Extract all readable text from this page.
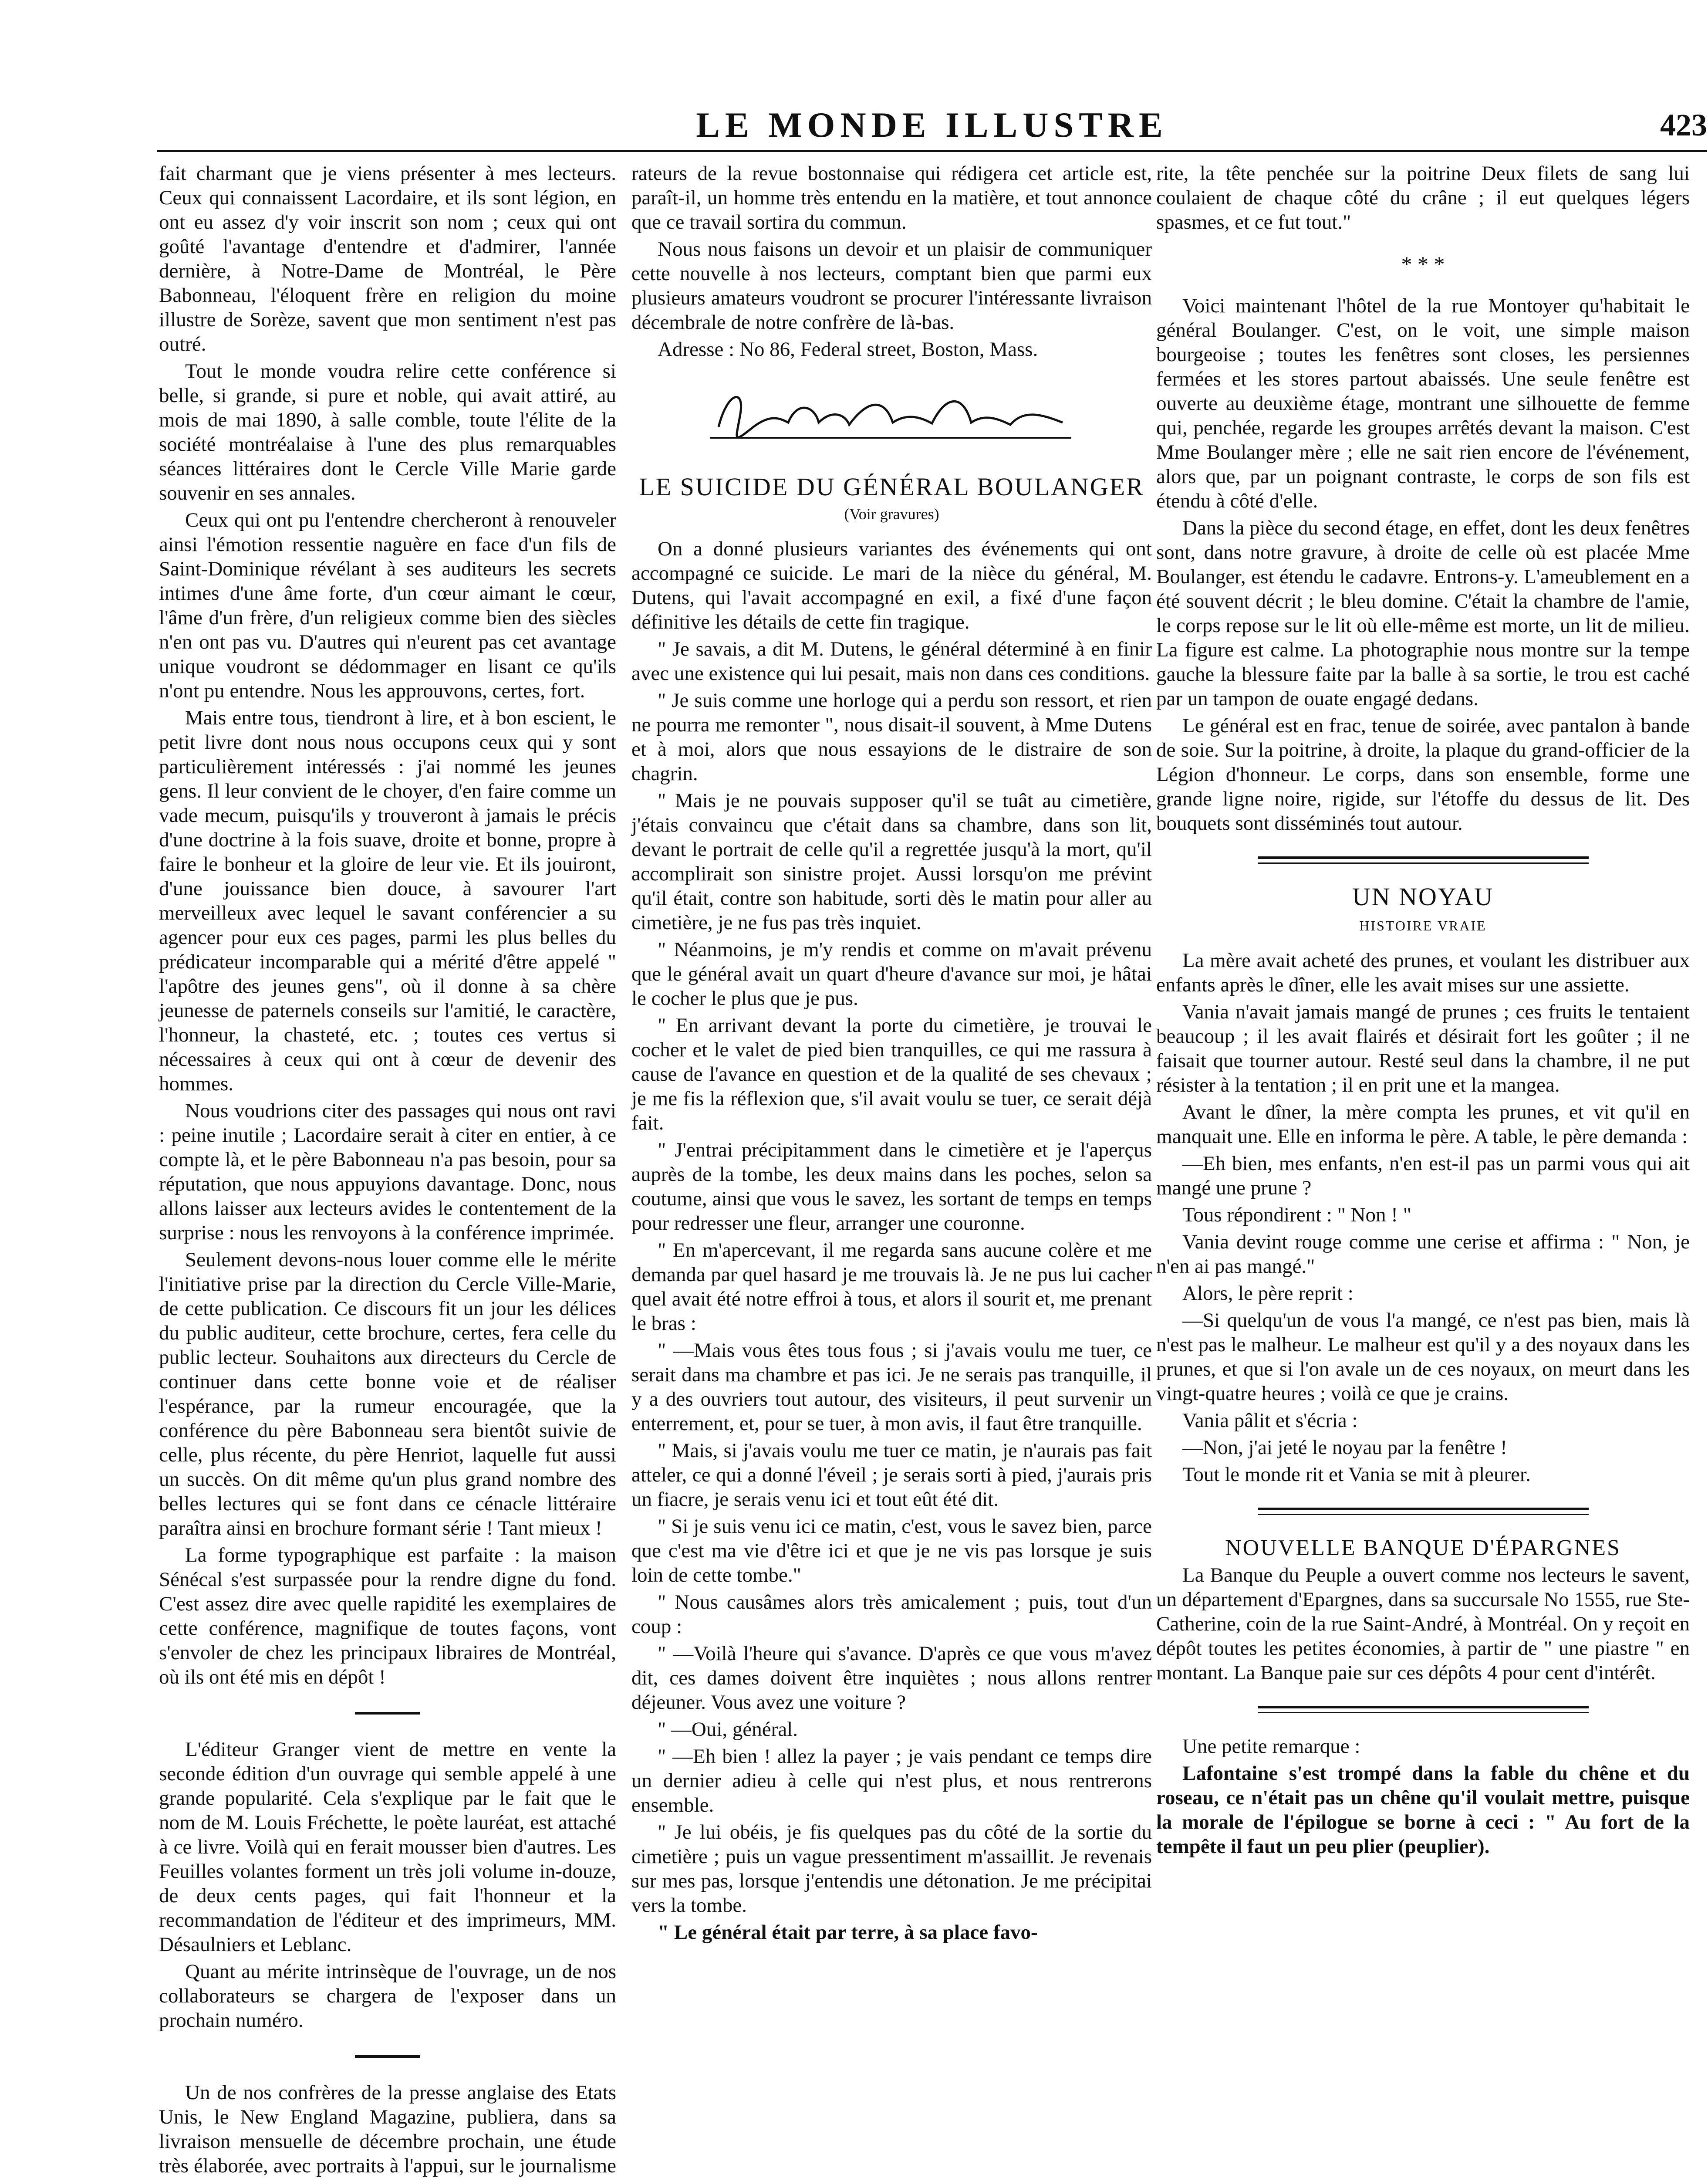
LE MONDE ILLUSTRE	423

fait charmant que je viens présenter à mes lecteurs. Ceux qui connaissent Lacordaire, et ils sont légion, en ont eu assez d'y voir inscrit son nom ; ceux qui ont goûté l'avantage d'entendre et d'admirer, l'année dernière, à Notre-Dame de Montréal, le Père Babonneau, l'éloquent frère en religion du moine illustre de Sorèze, savent que mon sentiment n'est pas outré.

Tout le monde voudra relire cette conférence si belle, si grande, si pure et noble, qui avait attiré, au mois de mai 1890, à salle comble, toute l'élite de la société montréalaise à l'une des plus remarquables séances littéraires dont le Cercle Ville Marie garde souvenir en ses annales.

Ceux qui ont pu l'entendre chercheront à renouveler ainsi l'émotion ressentie naguère en face d'un fils de Saint-Dominique révélant à ses auditeurs les secrets intimes d'une âme forte, d'un cœur aimant le cœur, l'âme d'un frère, d'un religieux comme bien des siècles n'en ont pas vu. D'autres qui n'eurent pas cet avantage unique voudront se dédommager en lisant ce qu'ils n'ont pu entendre. Nous les approuvons, certes, fort.

Mais entre tous, tiendront à lire, et à bon escient, le petit livre dont nous nous occupons ceux qui y sont particulièrement intéressés : j'ai nommé les jeunes gens. Il leur convient de le choyer, d'en faire comme un vade mecum, puisqu'ils y trouveront à jamais le précis d'une doctrine à la fois suave, droite et bonne, propre à faire le bonheur et la gloire de leur vie. Et ils jouiront, d'une jouissance bien douce, à savourer l'art merveilleux avec lequel le savant conférencier a su agencer pour eux ces pages, parmi les plus belles du prédicateur incomparable qui a mérité d'être appelé " l'apôtre des jeunes gens", où il donne à sa chère jeunesse de paternels conseils sur l'amitié, le caractère, l'honneur, la chasteté, etc. ; toutes ces vertus si nécessaires à ceux qui ont à cœur de devenir des hommes.

Nous voudrions citer des passages qui nous ont ravi : peine inutile ; Lacordaire serait à citer en entier, à ce compte là, et le père Babonneau n'a pas besoin, pour sa réputation, que nous appuyions davantage. Donc, nous allons laisser aux lecteurs avides le contentement de la surprise : nous les renvoyons à la conférence imprimée.

Seulement devons-nous louer comme elle le mérite l'initiative prise par la direction du Cercle Ville-Marie, de cette publication. Ce discours fit un jour les délices du public auditeur, cette brochure, certes, fera celle du public lecteur. Souhaitons aux directeurs du Cercle de continuer dans cette bonne voie et de réaliser l'espérance, par la rumeur encouragée, que la conférence du père Babonneau sera bientôt suivie de celle, plus récente, du père Henriot, laquelle fut aussi un succès. On dit même qu'un plus grand nombre des belles lectures qui se font dans ce cénacle littéraire paraîtra ainsi en brochure formant série ! Tant mieux !

La forme typographique est parfaite : la maison Sénécal s'est surpassée pour la rendre digne du fond. C'est assez dire avec quelle rapidité les exemplaires de cette conférence, magnifique de toutes façons, vont s'envoler de chez les principaux libraires de Montréal, où ils ont été mis en dépôt !

L'éditeur Granger vient de mettre en vente la seconde édition d'un ouvrage qui semble appelé à une grande popularité. Cela s'explique par le fait que le nom de M. Louis Fréchette, le poète lauréat, est attaché à ce livre. Voilà qui en ferait mousser bien d'autres. Les Feuilles volantes forment un très joli volume in-douze, de deux cents pages, qui fait l'honneur et la recommandation de l'éditeur et des imprimeurs, MM. Désaulniers et Leblanc.

Quant au mérite intrinsèque de l'ouvrage, un de nos collaborateurs se chargera de l'exposer dans un prochain numéro.

Un de nos confrères de la presse anglaise des Etats Unis, le New England Magazine, publiera, dans sa livraison mensuelle de décembre prochain, une étude très élaborée, avec portraits à l'appui, sur le journalisme

rateurs de la revue bostonnaise qui rédigera cet article est, paraît-il, un homme très entendu en la matière, et tout annonce que ce travail sortira du commun.

Nous nous faisons un devoir et un plaisir de communiquer cette nouvelle à nos lecteurs, comptant bien que parmi eux plusieurs amateurs voudront se procurer l'intéressante livraison décembrale de notre confrère de là-bas.

Adresse : No 86, Federal street, Boston, Mass.

LE SUICIDE DU GÉNÉRAL BOULANGER
(Voir gravures)

On a donné plusieurs variantes des événements qui ont accompagné ce suicide. Le mari de la nièce du général, M. Dutens, qui l'avait accompagné en exil, a fixé d'une façon définitive les détails de cette fin tragique.

" Je savais, a dit M. Dutens, le général déterminé à en finir avec une existence qui lui pesait, mais non dans ces conditions.

" Je suis comme une horloge qui a perdu son ressort, et rien ne pourra me remonter ", nous disait-il souvent, à Mme Dutens et à moi, alors que nous essayions de le distraire de son chagrin.

" Mais je ne pouvais supposer qu'il se tuât au cimetière, j'étais convaincu que c'était dans sa chambre, dans son lit, devant le portrait de celle qu'il a regrettée jusqu'à la mort, qu'il accomplirait son sinistre projet. Aussi lorsqu'on me prévint qu'il était, contre son habitude, sorti dès le matin pour aller au cimetière, je ne fus pas très inquiet.

" Néanmoins, je m'y rendis et comme on m'avait prévenu que le général avait un quart d'heure d'avance sur moi, je hâtai le cocher le plus que je pus.

" En arrivant devant la porte du cimetière, je trouvai le cocher et le valet de pied bien tranquilles, ce qui me rassura à cause de l'avance en question et de la qualité de ses chevaux ; je me fis la réflexion que, s'il avait voulu se tuer, ce serait déjà fait.

" J'entrai précipitamment dans le cimetière et je l'aperçus auprès de la tombe, les deux mains dans les poches, selon sa coutume, ainsi que vous le savez, les sortant de temps en temps pour redresser une fleur, arranger une couronne.

" En m'apercevant, il me regarda sans aucune colère et me demanda par quel hasard je me trouvais là. Je ne pus lui cacher quel avait été notre effroi à tous, et alors il sourit et, me prenant le bras :

" —Mais vous êtes tous fous ; si j'avais voulu me tuer, ce serait dans ma chambre et pas ici. Je ne serais pas tranquille, il y a des ouvriers tout autour, des visiteurs, il peut survenir un enterrement, et, pour se tuer, à mon avis, il faut être tranquille.

" Mais, si j'avais voulu me tuer ce matin, je n'aurais pas fait atteler, ce qui a donné l'éveil ; je serais sorti à pied, j'aurais pris un fiacre, je serais venu ici et tout eût été dit.

" Si je suis venu ici ce matin, c'est, vous le savez bien, parce que c'est ma vie d'être ici et que je ne vis pas lorsque je suis loin de cette tombe."

" Nous causâmes alors très amicalement ; puis, tout d'un coup :

" —Voilà l'heure qui s'avance. D'après ce que vous m'avez dit, ces dames doivent être inquiètes ; nous allons rentrer déjeuner. Vous avez une voiture ?

" —Oui, général.

" —Eh bien ! allez la payer ; je vais pendant ce temps dire un dernier adieu à celle qui n'est plus, et nous rentrerons ensemble.

" Je lui obéis, je fis quelques pas du côté de la sortie du cimetière ; puis un vague pressentiment m'assaillit. Je revenais sur mes pas, lorsque j'entendis une détonation. Je me précipitai vers la tombe.

" Le général était par terre, à sa place favo-

rite, la tête penchée sur la poitrine Deux filets de sang lui coulaient de chaque côté du crâne ; il eut quelques légers spasmes, et ce fut tout."

* * *

Voici maintenant l'hôtel de la rue Montoyer qu'habitait le général Boulanger. C'est, on le voit, une simple maison bourgeoise ; toutes les fenêtres sont closes, les persiennes fermées et les stores partout abaissés. Une seule fenêtre est ouverte au deuxième étage, montrant une silhouette de femme qui, penchée, regarde les groupes arrêtés devant la maison. C'est Mme Boulanger mère ; elle ne sait rien encore de l'événement, alors que, par un poignant contraste, le corps de son fils est étendu à côté d'elle.

Dans la pièce du second étage, en effet, dont les deux fenêtres sont, dans notre gravure, à droite de celle où est placée Mme Boulanger, est étendu le cadavre. Entrons-y. L'ameublement en a été souvent décrit ; le bleu domine. C'était la chambre de l'amie, le corps repose sur le lit où elle-même est morte, un lit de milieu. La figure est calme. La photographie nous montre sur la tempe gauche la blessure faite par la balle à sa sortie, le trou est caché par un tampon de ouate engagé dedans.

Le général est en frac, tenue de soirée, avec pantalon à bande de soie. Sur la poitrine, à droite, la plaque du grand-officier de la Légion d'honneur. Le corps, dans son ensemble, forme une grande ligne noire, rigide, sur l'étoffe du dessus de lit. Des bouquets sont disséminés tout autour.

UN NOYAU
HISTOIRE VRAIE

La mère avait acheté des prunes, et voulant les distribuer aux enfants après le dîner, elle les avait mises sur une assiette.

Vania n'avait jamais mangé de prunes ; ces fruits le tentaient beaucoup ; il les avait flairés et désirait fort les goûter ; il ne faisait que tourner autour. Resté seul dans la chambre, il ne put résister à la tentation ; il en prit une et la mangea.

Avant le dîner, la mère compta les prunes, et vit qu'il en manquait une. Elle en informa le père. A table, le père demanda :

—Eh bien, mes enfants, n'en est-il pas un parmi vous qui ait mangé une prune ?

Tous répondirent : " Non ! "

Vania devint rouge comme une cerise et affirma : " Non, je n'en ai pas mangé."

Alors, le père reprit :

—Si quelqu'un de vous l'a mangé, ce n'est pas bien, mais là n'est pas le malheur. Le malheur est qu'il y a des noyaux dans les prunes, et que si l'on avale un de ces noyaux, on meurt dans les vingt-quatre heures ; voilà ce que je crains.

Vania pâlit et s'écria :

—Non, j'ai jeté le noyau par la fenêtre !

Tout le monde rit et Vania se mit à pleurer.

NOUVELLE BANQUE D'ÉPARGNES

La Banque du Peuple a ouvert comme nos lecteurs le savent, un département d'Epargnes, dans sa succursale No 1555, rue Ste-Catherine, coin de la rue Saint-André, à Montréal. On y reçoit en dépôt toutes les petites économies, à partir de " une piastre " en montant. La Banque paie sur ces dépôts 4 pour cent d'intérêt.

Une petite remarque :

Lafontaine s'est trompé dans la fable du chêne et du roseau, ce n'était pas un chêne qu'il voulait mettre, puisque la morale de l'épilogue se borne à ceci : " Au fort de la tempête il faut un peu plier (peuplier).
